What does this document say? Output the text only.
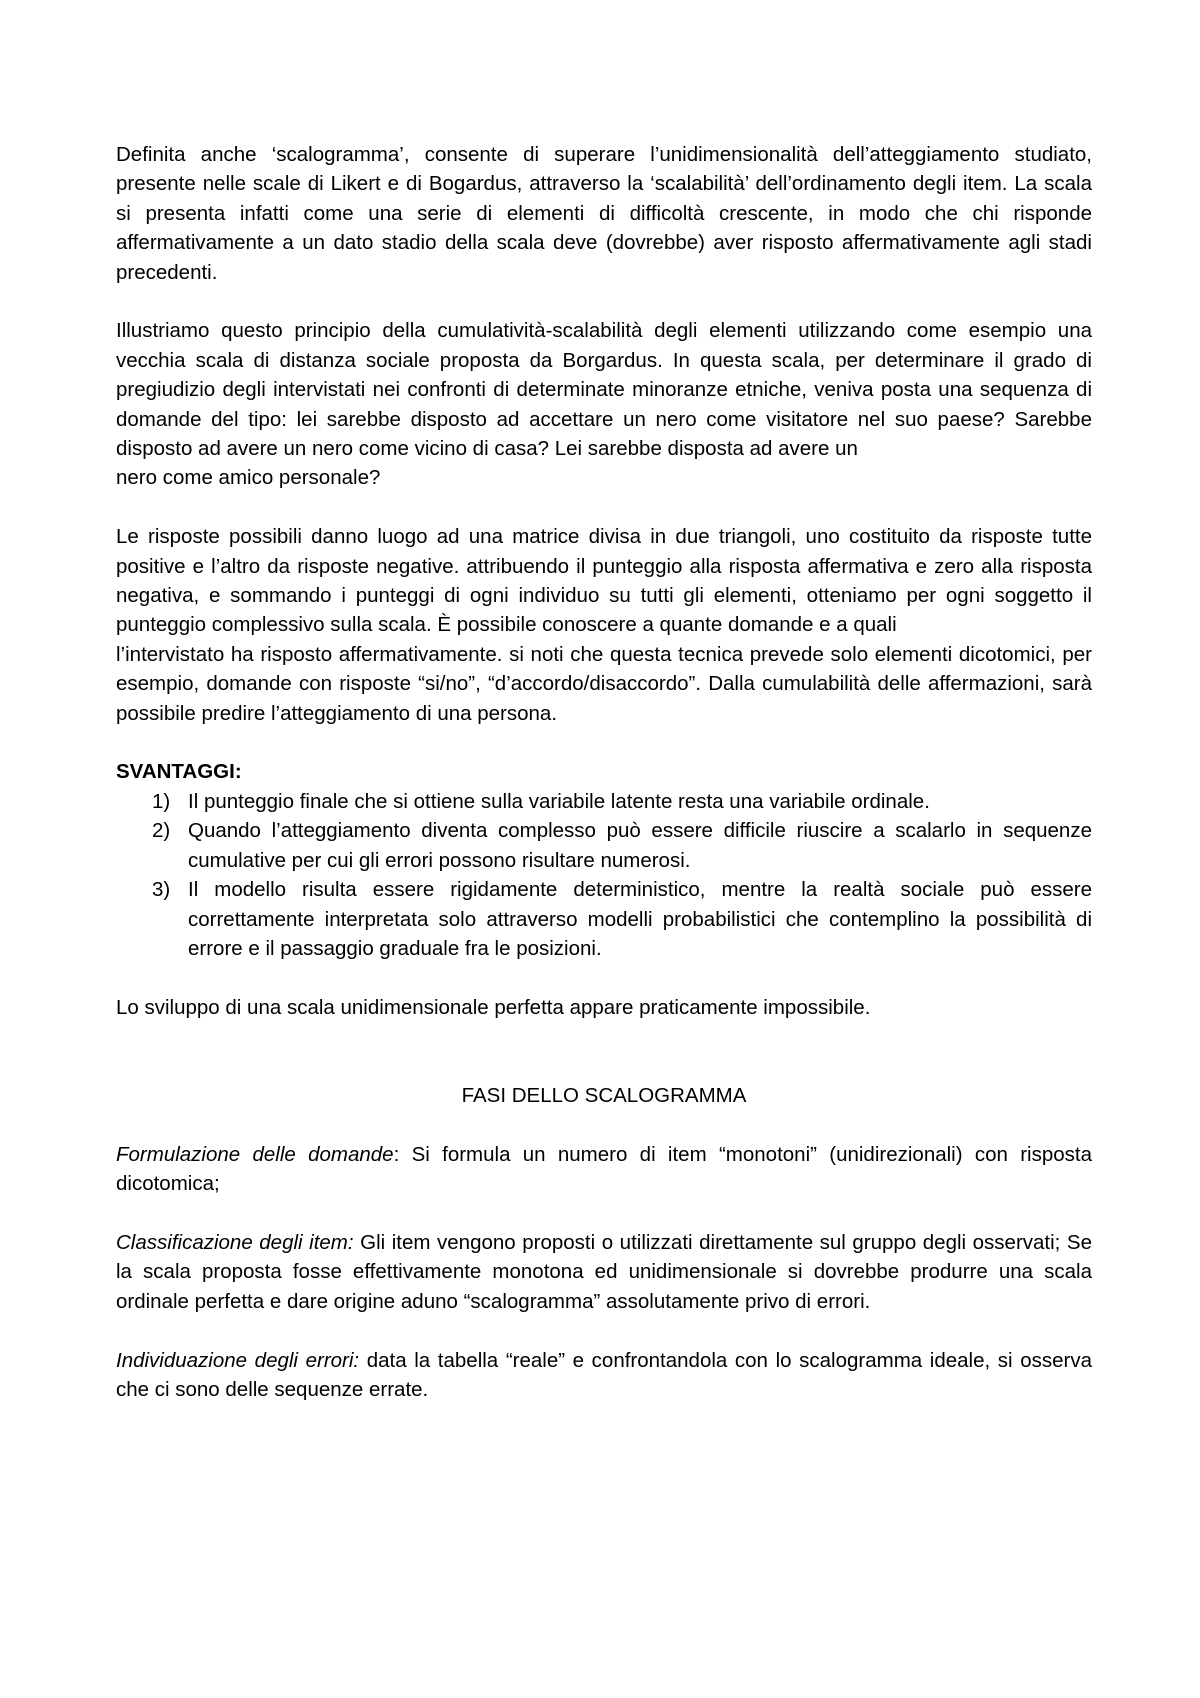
Definita anche ‘scalogramma’, consente di superare l’unidimensionalità dell’atteggiamento studiato, presente nelle scale di Likert e di Bogardus, attraverso la ‘scalabilità’ dell’ordinamento degli item. La scala si presenta infatti come una serie di elementi di difficoltà crescente, in modo che chi risponde affermativamente a un dato stadio della scala deve (dovrebbe) aver risposto affermativamente agli stadi precedenti.

Illustriamo questo principio della cumulatività-scalabilità degli elementi utilizzando come esempio una vecchia scala di distanza sociale proposta da Borgardus. In questa scala, per determinare il grado di pregiudizio degli intervistati nei confronti di determinate minoranze etniche, veniva posta una sequenza di domande del tipo: lei sarebbe disposto ad accettare un nero come visitatore nel suo paese? Sarebbe disposto ad avere un nero come vicino di casa? Lei sarebbe disposta ad avere un

nero come amico personale?

Le risposte possibili danno luogo ad una matrice divisa in due triangoli, uno costituito da risposte tutte positive e l’altro da risposte negative. attribuendo il punteggio alla risposta affermativa e zero alla risposta negativa, e sommando i punteggi di ogni individuo su tutti gli elementi, otteniamo per ogni soggetto il punteggio complessivo sulla scala. È possibile conoscere a quante domande e a quali

l’intervistato ha risposto affermativamente. si noti che questa tecnica prevede solo elementi dicotomici, per esempio, domande con risposte “si/no”, “d’accordo/disaccordo”. Dalla cumulabilità delle affermazioni, sarà possibile predire l’atteggiamento di una persona.

SVANTAGGI:

1) Il punteggio finale che si ottiene sulla variabile latente resta una variabile ordinale.
2) Quando l’atteggiamento diventa complesso può essere difficile riuscire a scalarlo in sequenze cumulative per cui gli errori possono risultare numerosi.
3) Il modello risulta essere rigidamente deterministico, mentre la realtà sociale può essere correttamente interpretata solo attraverso modelli probabilistici che contemplino la possibilità di errore e il passaggio graduale fra le posizioni.

Lo sviluppo di una scala unidimensionale perfetta appare praticamente impossibile.

FASI DELLO SCALOGRAMMA

Formulazione delle domande: Si formula un numero di item “monotoni” (unidirezionali) con risposta dicotomica;

Classificazione degli item: Gli item vengono proposti o utilizzati direttamente sul gruppo degli osservati; Se la scala proposta fosse effettivamente monotona ed unidimensionale si dovrebbe produrre una scala ordinale perfetta e dare origine aduno “scalogramma” assolutamente privo di errori.

Individuazione degli errori: data la tabella “reale” e confrontandola con lo scalogramma ideale, si osserva che ci sono delle sequenze errate.
